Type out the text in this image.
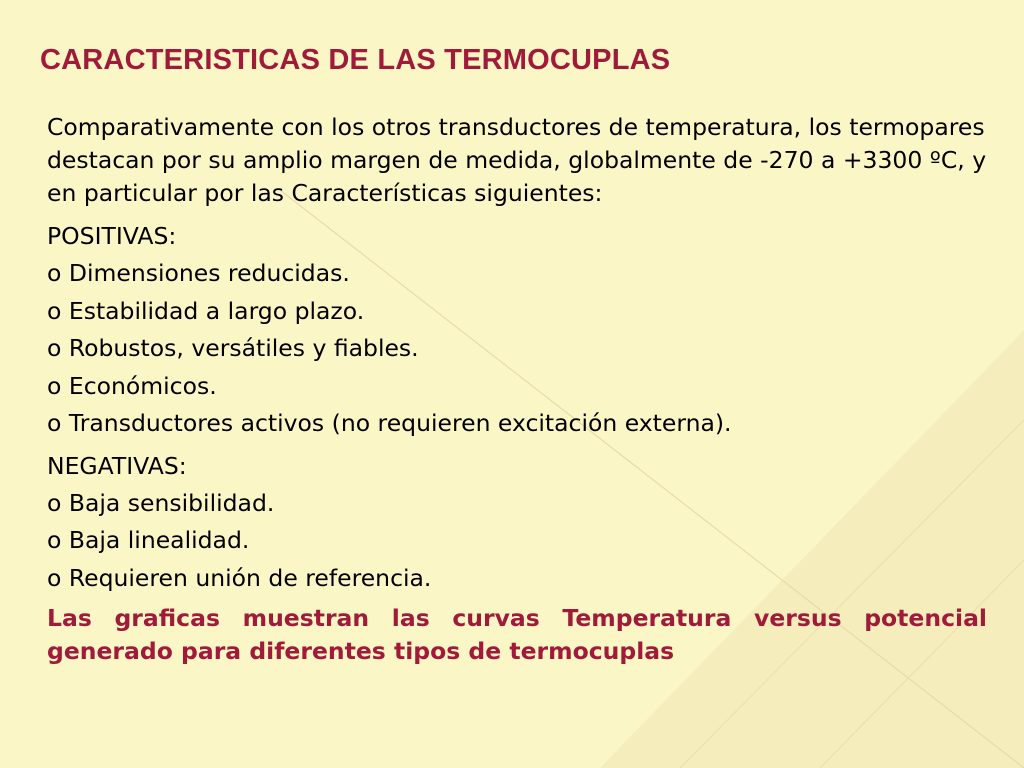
CARACTERISTICAS DE LAS TERMOCUPLAS

Comparativamente con los otros transductores de temperatura, los termopares destacan por su amplio margen de medida, globalmente de -270 a +3300 ºC, y en particular por las Características siguientes:

POSITIVAS:

o Dimensiones reducidas.
o Estabilidad a largo plazo.
o Robustos, versátiles y fiables.
o Económicos.
o Transductores activos (no requieren excitación externa).

NEGATIVAS:

o Baja sensibilidad.
o Baja linealidad.
o Requieren unión de referencia.

Las graficas muestran las curvas Temperatura versus potencial generado para diferentes tipos de termocuplas
